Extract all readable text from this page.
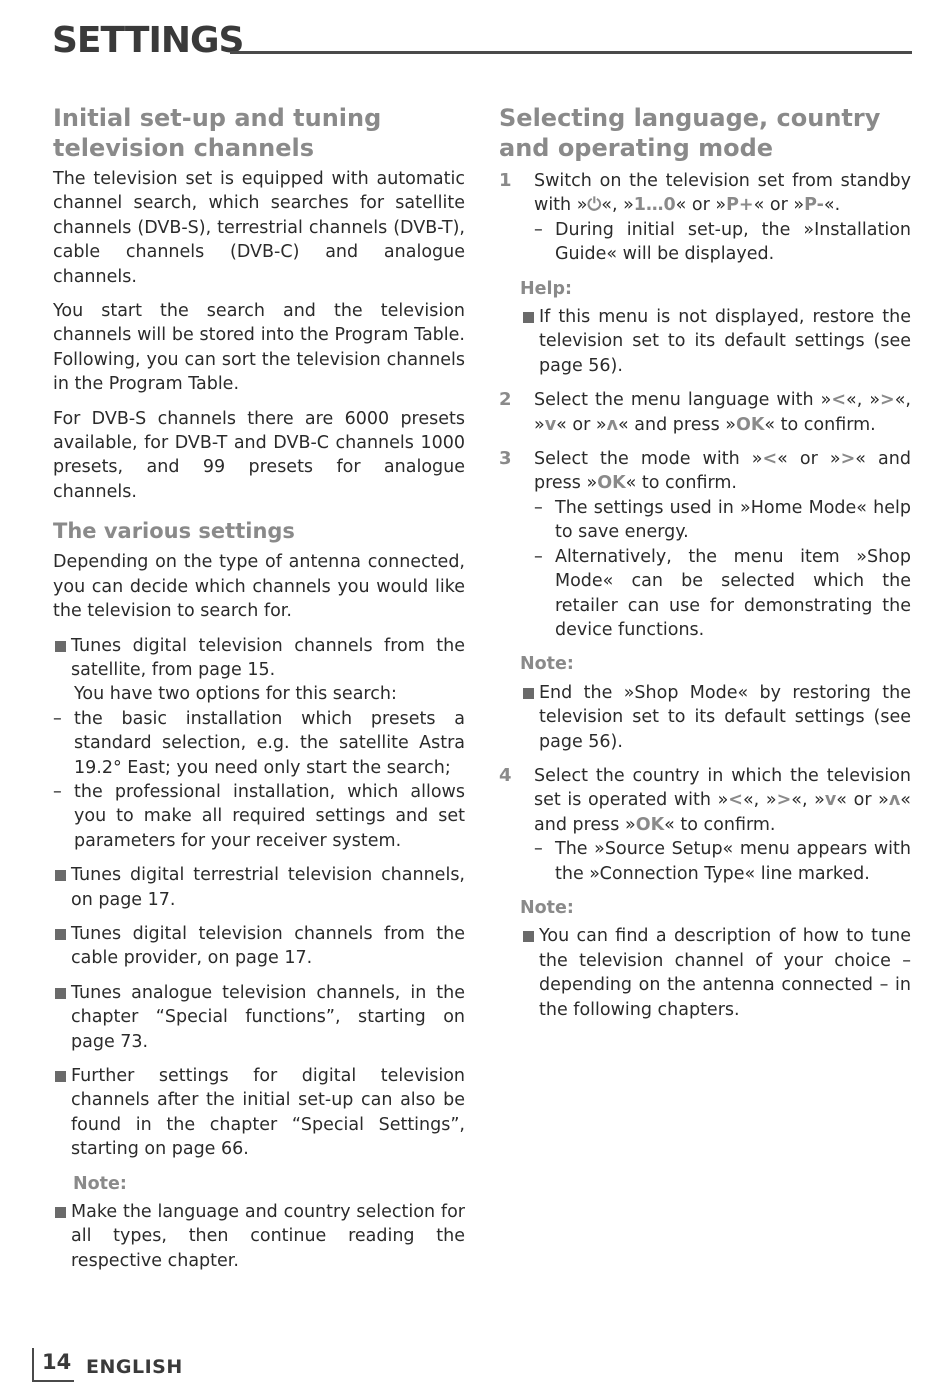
SETTINGS
Initial set-up and tuning television channels

The television set is equipped with automatic channel search, which searches for satellite channels (DVB-S), terrestrial channels (DVB-T), cable channels (DVB-C) and analogue channels.

You start the search and the television channels will be stored into the Program Table. Following, you can sort the television channels in the Program Table.

For DVB-S channels there are 6000 presets available, for DVB-T and DVB-C channels 1000 presets, and 99 presets for analogue channels.

The various settings

Depending on the type of antenna connected, you can decide which channels you would like the television to search for.

Tunes digital television channels from the satellite, from page 15.
You have two options for this search:
– the basic installation which presets a standard selection, e.g. the satellite Astra 19.2° East; you need only start the search;
– the professional installation, which allows you to make all required settings and set parameters for your receiver system.
Tunes digital terrestrial television channels, on page 17.
Tunes digital television channels from the cable provider, on page 17.
Tunes analogue television channels, in the chapter “Special functions”, starting on page 73.
Further settings for digital television channels after the initial set-up can also be found in the chapter “Special Settings”, starting on page 66.
Note:
Make the language and country selection for all types, then continue reading the respective chapter.
Selecting language, country and operating mode
1 Switch on the television set from standby with »⏻«, »1…0« or »P+« or »P-«.
– During initial set-up, the »Installation Guide« will be displayed.
Help:
If this menu is not displayed, restore the television set to its default settings (see page 56).
2 Select the menu language with »<«, »>«, »v« or »ʌ« and press »OK« to confirm.
3 Select the mode with »<« or »>« and press »OK« to confirm.
– The settings used in »Home Mode« help to save energy.
– Alternatively, the menu item »Shop Mode« can be selected which the retailer can use for demonstrating the device functions.
Note:
End the »Shop Mode« by restoring the television set to its default settings (see page 56).
4 Select the country in which the television set is operated with »<«, »>«, »v« or »ʌ« and press »OK« to confirm.
– The »Source Setup« menu appears with the »Connection Type« line marked.
Note:
You can find a description of how to tune the television channel of your choice – depending on the antenna connected – in the following chapters.
14 ENGLISH
